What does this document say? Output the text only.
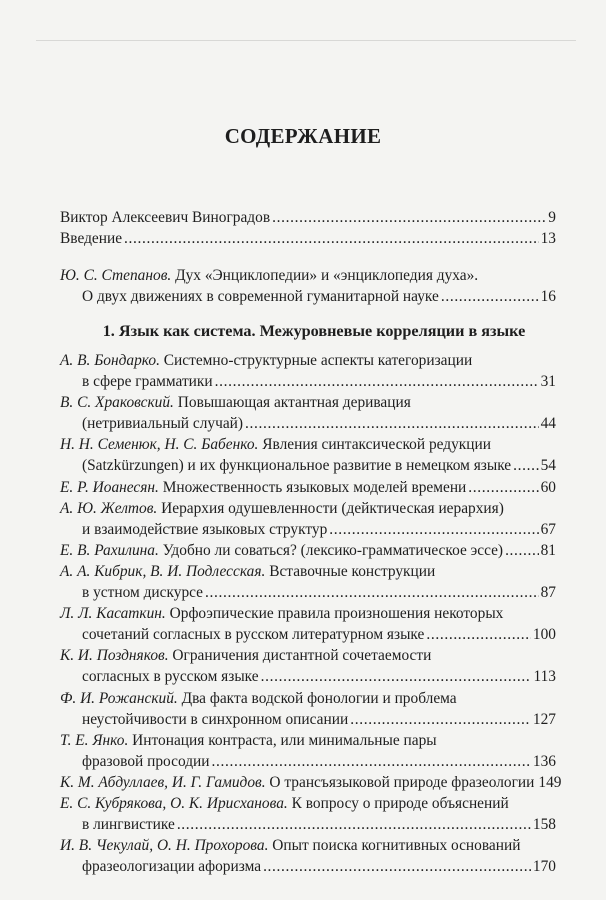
СОДЕРЖАНИЕ
Виктор Алексеевич Виноградов . . .	9
Введение . . .	13
Ю. С. Степанов. Дух «Энциклопедии» и «энциклопедия духа».
О двух движениях в современной гуманитарной науке . . .	16
1. Язык как система. Межуровневые корреляции в языке
А. В. Бондарко. Системно-структурные аспекты категоризации
в сфере грамматики . . .	31
В. С. Храковский. Повышающая актантная деривация
(нетривиальный случай) . . .	44
Н. Н. Семенюк, Н. С. Бабенко. Явления синтаксической редукции
(Satzkürzungen) и их функциональное развитие в немецком языке . . . 54
Е. Р. Иоанесян. Множественность языковых моделей времени . . .	60
А. Ю. Желтов. Иерархия одушевленности (дейктическая иерархия)
и взаимодействие языковых структур . . .	67
Е. В. Рахилина. Удобно ли соваться? (лексико-грамматическое эссе) . . . 81
А. А. Кибрик, В. И. Подлесская. Вставочные конструкции
в устном дискурсе . . .	87
Л. Л. Касаткин. Орфоэпические правила произношения некоторых
сочетаний согласных в русском литературном языке . . .	100
К. И. Поздняков. Ограничения дистантной сочетаемости
согласных в русском языке . . .	113
Ф. И. Рожанский. Два факта водской фонологии и проблема
неустойчивости в синхронном описании . . .	127
Т. Е. Янко. Интонация контраста, или минимальные пары
фразовой просодии . . .	136
К. М. Абдуллаев, И. Г. Гамидов. О трансъязыковой природе фразеологии 149
Е. С. Кубрякова, О. К. Ирисханова. К вопросу о природе объяснений
в лингвистике . . .	158
И. В. Чекулай, О. Н. Прохорова. Опыт поиска когнитивных оснований
фразеологизации афоризма . . .	170
